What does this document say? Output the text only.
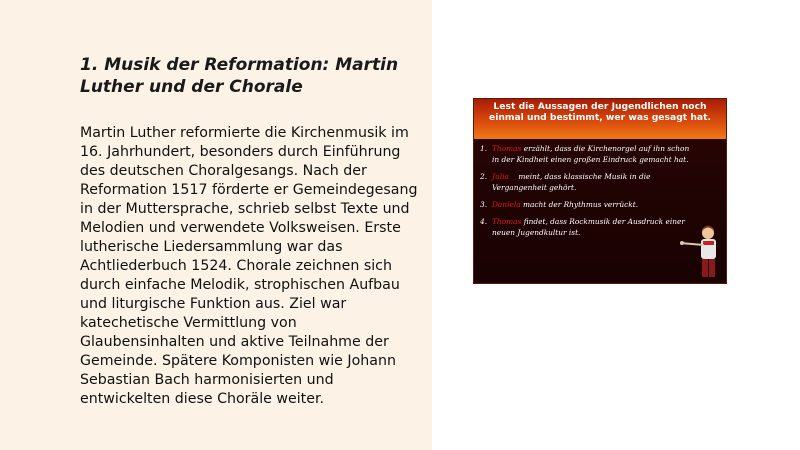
1. Musik der Reformation: Martin Luther und der Chorale

Martin Luther reformierte die Kirchenmusik im 16. Jahrhundert, besonders durch Einführung des deutschen Choralgesangs. Nach der Reformation 1517 förderte er Gemeindegesang in der Muttersprache, schrieb selbst Texte und Melodien und verwendete Volksweisen. Erste lutherische Liedersammlung war das Achtliederbuch 1524. Chorale zeichnen sich durch einfache Melodik, strophischen Aufbau und liturgische Funktion aus. Ziel war katechetische Vermittlung von Glaubensinhalten und aktive Teilnahme der Gemeinde. Spätere Komponisten wie Johann Sebastian Bach harmonisierten und entwickelten diese Choräle weiter.

Lest die Aussagen der Jugendlichen noch einmal und bestimmt, wer was gesagt hat.
1. Thomas erzählt, dass die Kirchenorgel auf ihn schon in der Kindheit einen großen Eindruck gemacht hat.
2. Julia meint, dass klassische Musik in die Vergangenheit gehört.
3. Daniela macht der Rhythmus verrückt.
4. Thomas findet, dass Rockmusik der Ausdruck einer neuen Jugendkultur ist.
